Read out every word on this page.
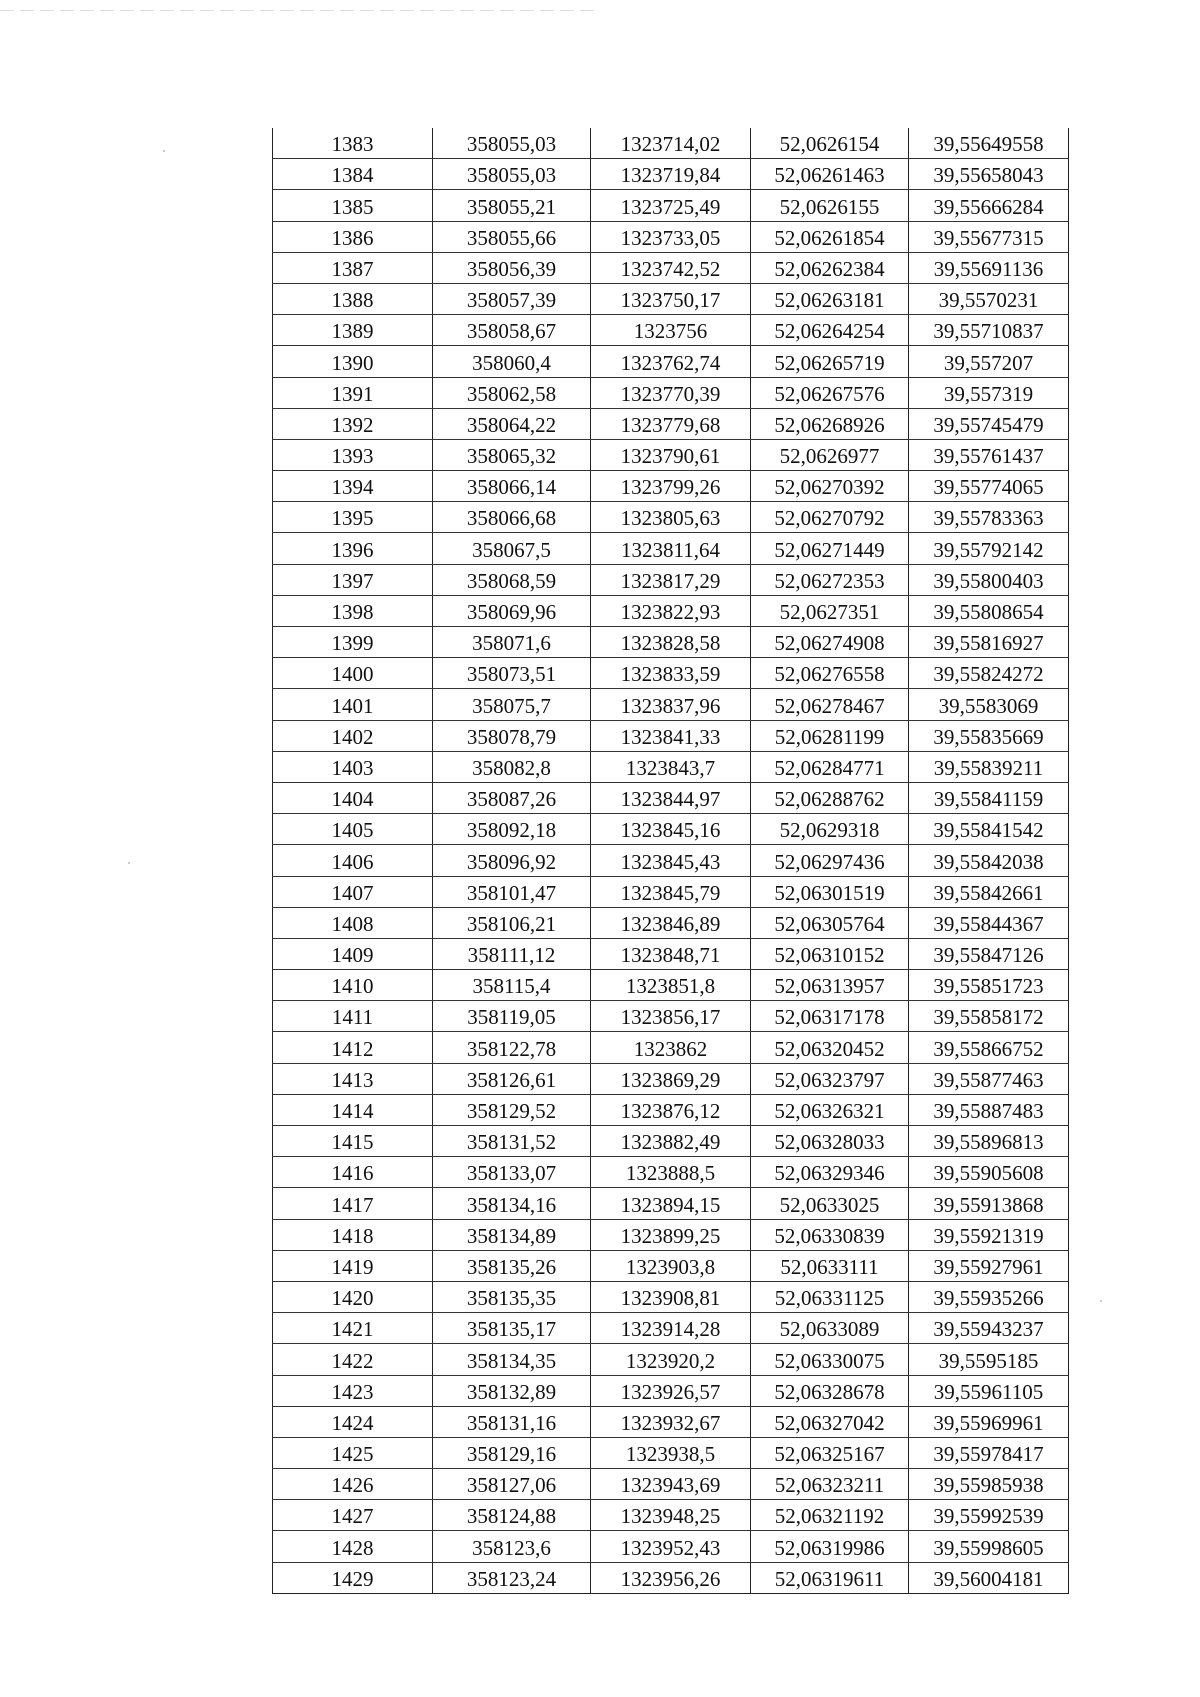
1383	358055,03	1323714,02	52,0626154	39,55649558
1384	358055,03	1323719,84	52,06261463	39,55658043
1385	358055,21	1323725,49	52,0626155	39,55666284
1386	358055,66	1323733,05	52,06261854	39,55677315
1387	358056,39	1323742,52	52,06262384	39,55691136
1388	358057,39	1323750,17	52,06263181	39,5570231
1389	358058,67	1323756	52,06264254	39,55710837
1390	358060,4	1323762,74	52,06265719	39,557207
1391	358062,58	1323770,39	52,06267576	39,557319
1392	358064,22	1323779,68	52,06268926	39,55745479
1393	358065,32	1323790,61	52,0626977	39,55761437
1394	358066,14	1323799,26	52,06270392	39,55774065
1395	358066,68	1323805,63	52,06270792	39,55783363
1396	358067,5	1323811,64	52,06271449	39,55792142
1397	358068,59	1323817,29	52,06272353	39,55800403
1398	358069,96	1323822,93	52,0627351	39,55808654
1399	358071,6	1323828,58	52,06274908	39,55816927
1400	358073,51	1323833,59	52,06276558	39,55824272
1401	358075,7	1323837,96	52,06278467	39,5583069
1402	358078,79	1323841,33	52,06281199	39,55835669
1403	358082,8	1323843,7	52,06284771	39,55839211
1404	358087,26	1323844,97	52,06288762	39,55841159
1405	358092,18	1323845,16	52,0629318	39,55841542
1406	358096,92	1323845,43	52,06297436	39,55842038
1407	358101,47	1323845,79	52,06301519	39,55842661
1408	358106,21	1323846,89	52,06305764	39,55844367
1409	358111,12	1323848,71	52,06310152	39,55847126
1410	358115,4	1323851,8	52,06313957	39,55851723
1411	358119,05	1323856,17	52,06317178	39,55858172
1412	358122,78	1323862	52,06320452	39,55866752
1413	358126,61	1323869,29	52,06323797	39,55877463
1414	358129,52	1323876,12	52,06326321	39,55887483
1415	358131,52	1323882,49	52,06328033	39,55896813
1416	358133,07	1323888,5	52,06329346	39,55905608
1417	358134,16	1323894,15	52,0633025	39,55913868
1418	358134,89	1323899,25	52,06330839	39,55921319
1419	358135,26	1323903,8	52,0633111	39,55927961
1420	358135,35	1323908,81	52,06331125	39,55935266
1421	358135,17	1323914,28	52,0633089	39,55943237
1422	358134,35	1323920,2	52,06330075	39,5595185
1423	358132,89	1323926,57	52,06328678	39,55961105
1424	358131,16	1323932,67	52,06327042	39,55969961
1425	358129,16	1323938,5	52,06325167	39,55978417
1426	358127,06	1323943,69	52,06323211	39,55985938
1427	358124,88	1323948,25	52,06321192	39,55992539
1428	358123,6	1323952,43	52,06319986	39,55998605
1429	358123,24	1323956,26	52,06319611	39,56004181
